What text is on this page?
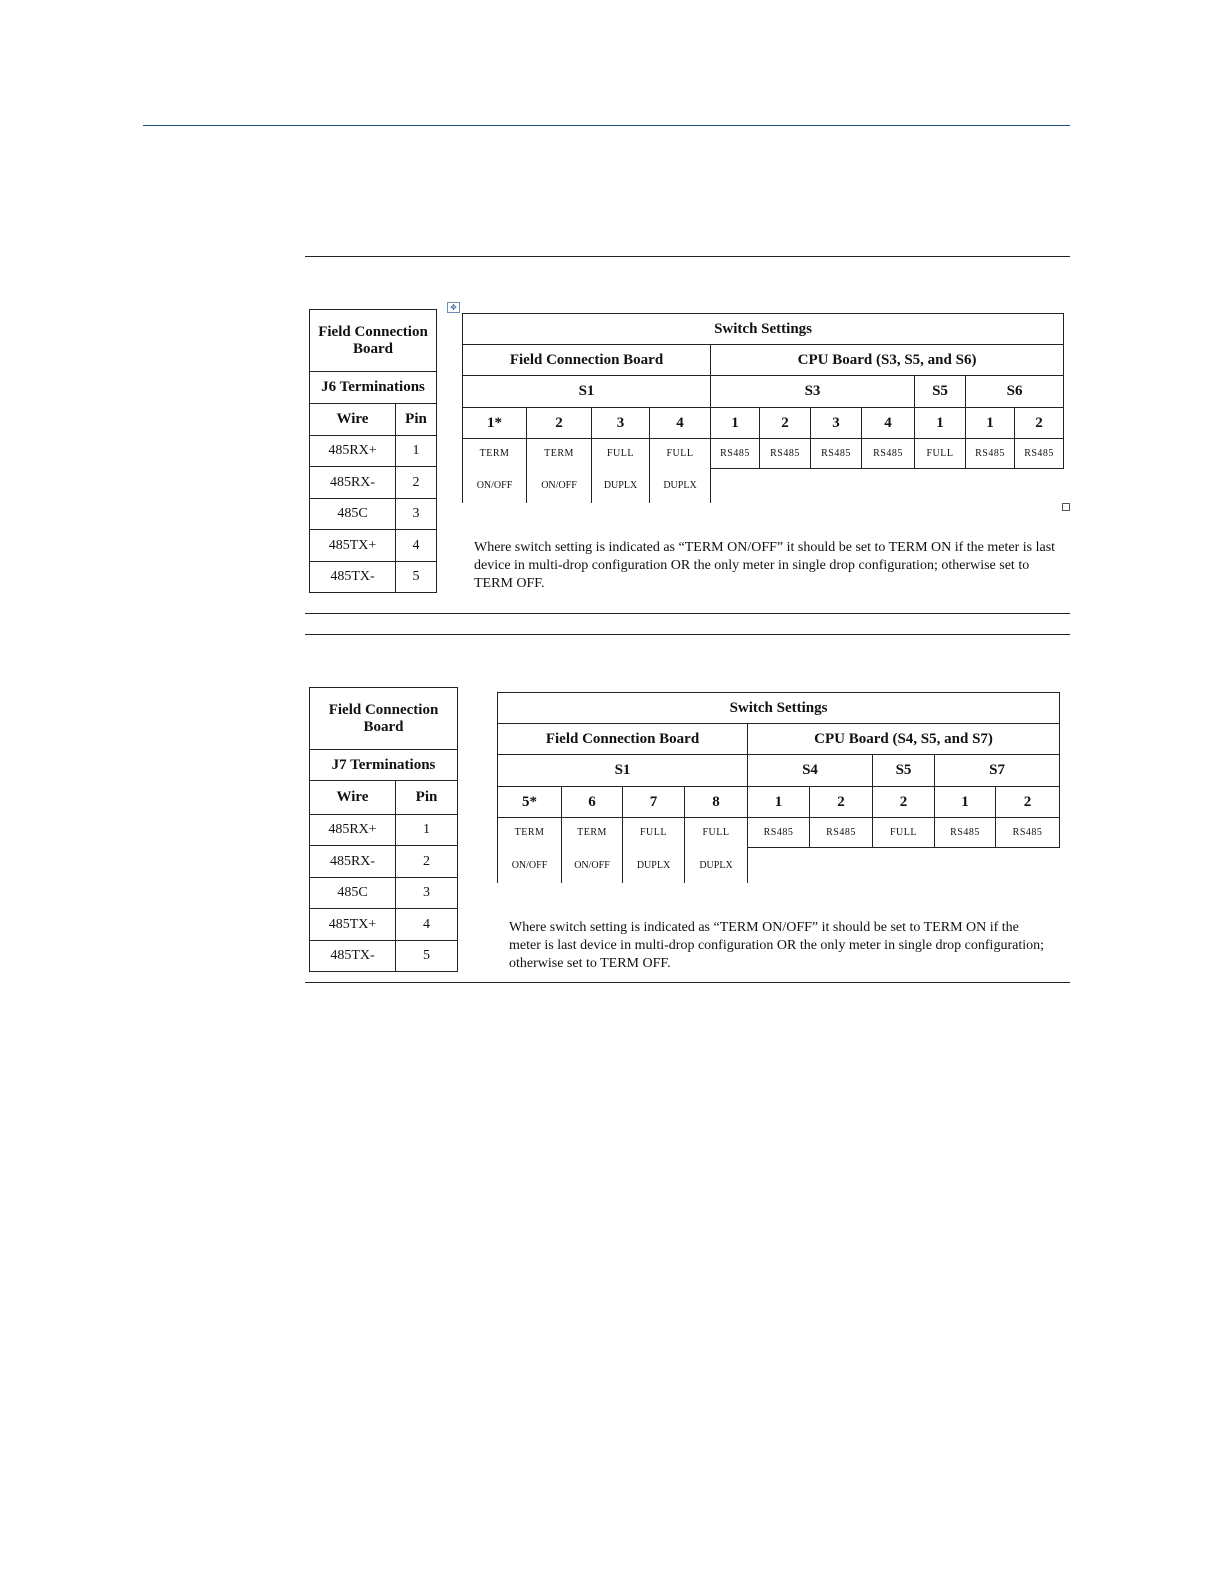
Field Connection Board	
J6 Terminations	
Wire	Pin
485RX+	1
485RX-	2
485C	3
485TX+	4
485TX-	5
✥
Switch Settings										
Field Connection Board				CPU Board (S3, S5, and S6)						
S1				S3				S5	S6	
1*	2	3	4	1	2	3	4	1	1	2
TERM	TERM	FULL	FULL	RS485	RS485	RS485	RS485	FULL	RS485	RS485
ON/OFF	ON/OFF	DUPLX	DUPLX							
Where switch setting is indicated as “TERM ON/OFF” it should be set to TERM ON if the meter is last device in multi-drop configuration OR the only meter in single drop configuration; otherwise set to TERM OFF.
Field Connection Board	
J7 Terminations	
Wire	Pin
485RX+	1
485RX-	2
485C	3
485TX+	4
485TX-	5
Switch Settings								
Field Connection Board				CPU Board (S4, S5, and S7)				
S1				S4		S5	S7	
5*	6	7	8	1	2	2	1	2
TERM	TERM	FULL	FULL	RS485	RS485	FULL	RS485	RS485
ON/OFF	ON/OFF	DUPLX	DUPLX					
Where switch setting is indicated as “TERM ON/OFF” it should be set to TERM ON if the meter is last device in multi-drop configuration OR the only meter in single drop configuration; otherwise set to TERM OFF.
